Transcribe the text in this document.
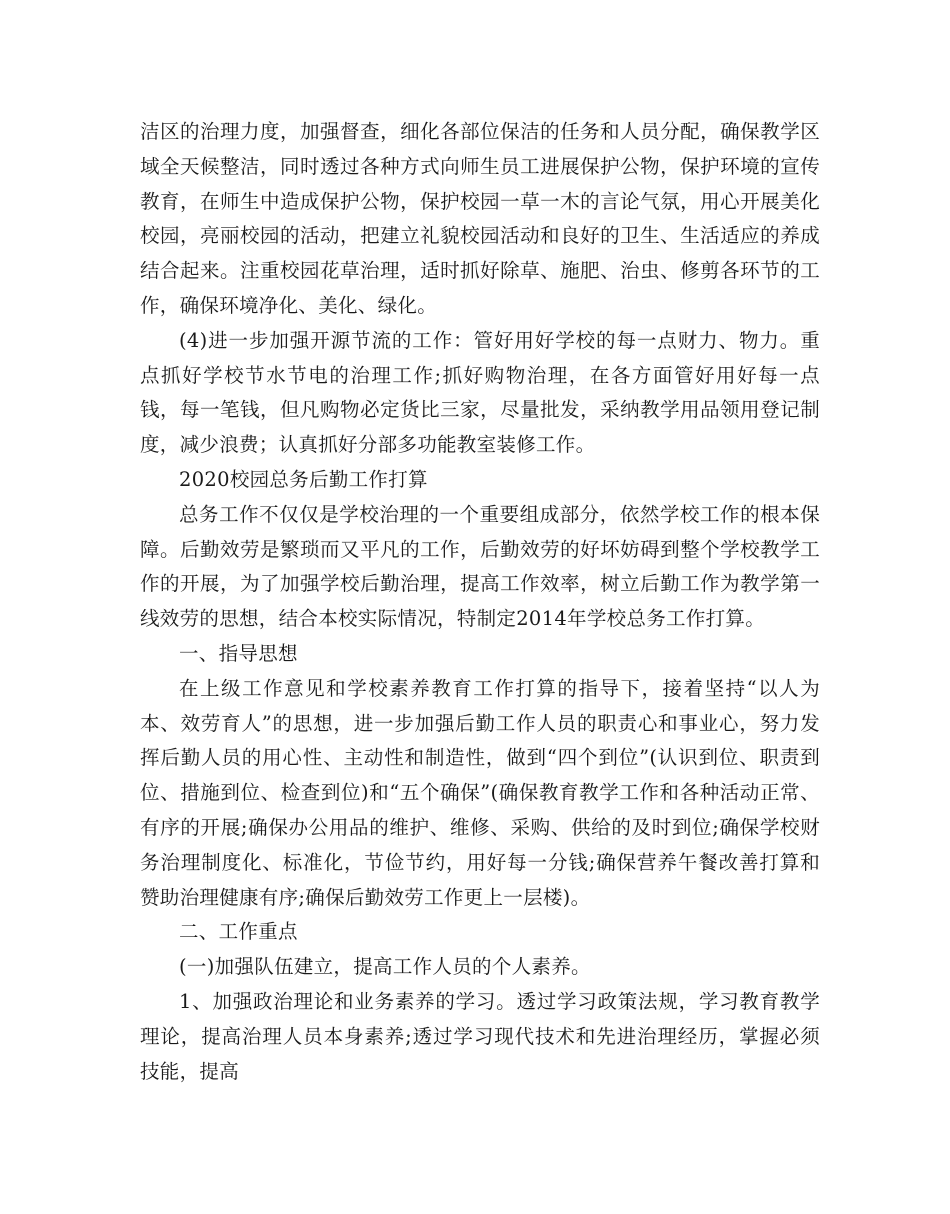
洁区的治理力度，加强督查，细化各部位保洁的任务和人员分配，确保教学区域全天候整洁，同时透过各种方式向师生员工进展保护公物，保护环境的宣传教育，在师生中造成保护公物，保护校园一草一木的言论气氛，用心开展美化校园，亮丽校园的活动，把建立礼貌校园活动和良好的卫生、生活适应的养成结合起来。注重校园花草治理，适时抓好除草、施肥、治虫、修剪各环节的工作，确保环境净化、美化、绿化。

(4)进一步加强开源节流的工作：管好用好学校的每一点财力、物力。重点抓好学校节水节电的治理工作;抓好购物治理，在各方面管好用好每一点钱，每一笔钱，但凡购物必定货比三家，尽量批发，采纳教学用品领用登记制度，减少浪费；认真抓好分部多功能教室装修工作。

2020校园总务后勤工作打算

总务工作不仅仅是学校治理的一个重要组成部分，依然学校工作的根本保障。后勤效劳是繁琐而又平凡的工作，后勤效劳的好坏妨碍到整个学校教学工作的开展，为了加强学校后勤治理，提高工作效率，树立后勤工作为教学第一线效劳的思想，结合本校实际情况，特制定2014年学校总务工作打算。

一、指导思想

在上级工作意见和学校素养教育工作打算的指导下，接着坚持“以人为本、效劳育人”的思想，进一步加强后勤工作人员的职责心和事业心，努力发挥后勤人员的用心性、主动性和制造性，做到“四个到位”(认识到位、职责到位、措施到位、检查到位)和“五个确保”(确保教育教学工作和各种活动正常、有序的开展;确保办公用品的维护、维修、采购、供给的及时到位;确保学校财务治理制度化、标准化，节俭节约，用好每一分钱;确保营养午餐改善打算和赞助治理健康有序;确保后勤效劳工作更上一层楼)。

二、工作重点

(一)加强队伍建立，提高工作人员的个人素养。

1、加强政治理论和业务素养的学习。透过学习政策法规，学习教育教学理论，提高治理人员本身素养;透过学习现代技术和先进治理经历，掌握必须技能，提高
